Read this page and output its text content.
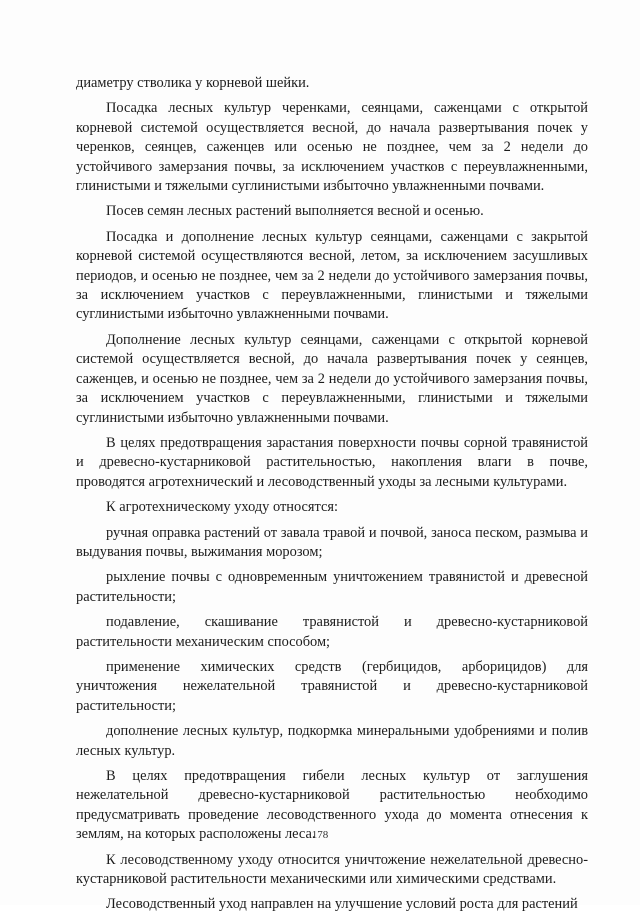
диаметру стволика у корневой шейки.

Посадка лесных культур черенками, сеянцами, саженцами с открытой корневой системой осуществляется весной, до начала развертывания почек у черенков, сеянцев, саженцев или осенью не позднее, чем за 2 недели до устойчивого замерзания почвы, за исключением участков с переувлажненными, глинистыми и тяжелыми суглинистыми избыточно увлажненными почвами.

Посев семян лесных растений выполняется весной и осенью.

Посадка и дополнение лесных культур сеянцами, саженцами с закрытой корневой системой осуществляются весной, летом, за исключением засушливых периодов, и осенью не позднее, чем за 2 недели до устойчивого замерзания почвы, за исключением участков с переувлажненными, глинистыми и тяжелыми суглинистыми избыточно увлажненными почвами.

Дополнение лесных культур сеянцами, саженцами с открытой корневой системой осуществляется весной, до начала развертывания почек у сеянцев, саженцев, и осенью не позднее, чем за 2 недели до устойчивого замерзания почвы, за исключением участков с переувлажненными, глинистыми и тяжелыми суглинистыми избыточно увлажненными почвами.

В целях предотвращения зарастания поверхности почвы сорной травянистой и древесно-кустарниковой растительностью, накопления влаги в почве, проводятся агротехнический и лесоводственный уходы за лесными культурами.

К агротехническому уходу относятся:

ручная оправка растений от завала травой и почвой, заноса песком, размыва и выдувания почвы, выжимания морозом;

рыхление почвы с одновременным уничтожением травянистой и древесной растительности;

подавление, скашивание травянистой и древесно-кустарниковой растительности механическим способом;

применение химических средств (гербицидов, арборицидов) для уничтожения нежелательной травянистой и древесно-кустарниковой растительности;

дополнение лесных культур, подкормка минеральными удобрениями и полив лесных культур.

В целях предотвращения гибели лесных культур от заглушения нежелательной древесно-кустарниковой растительностью необходимо предусматривать проведение лесоводственного ухода до момента отнесения к землям, на которых расположены леса.

К лесоводственному уходу относится уничтожение нежелательной древесно-кустарниковой растительности механическими или химическими средствами.

Лесоводственный уход направлен на улучшение условий роста для растений

178
